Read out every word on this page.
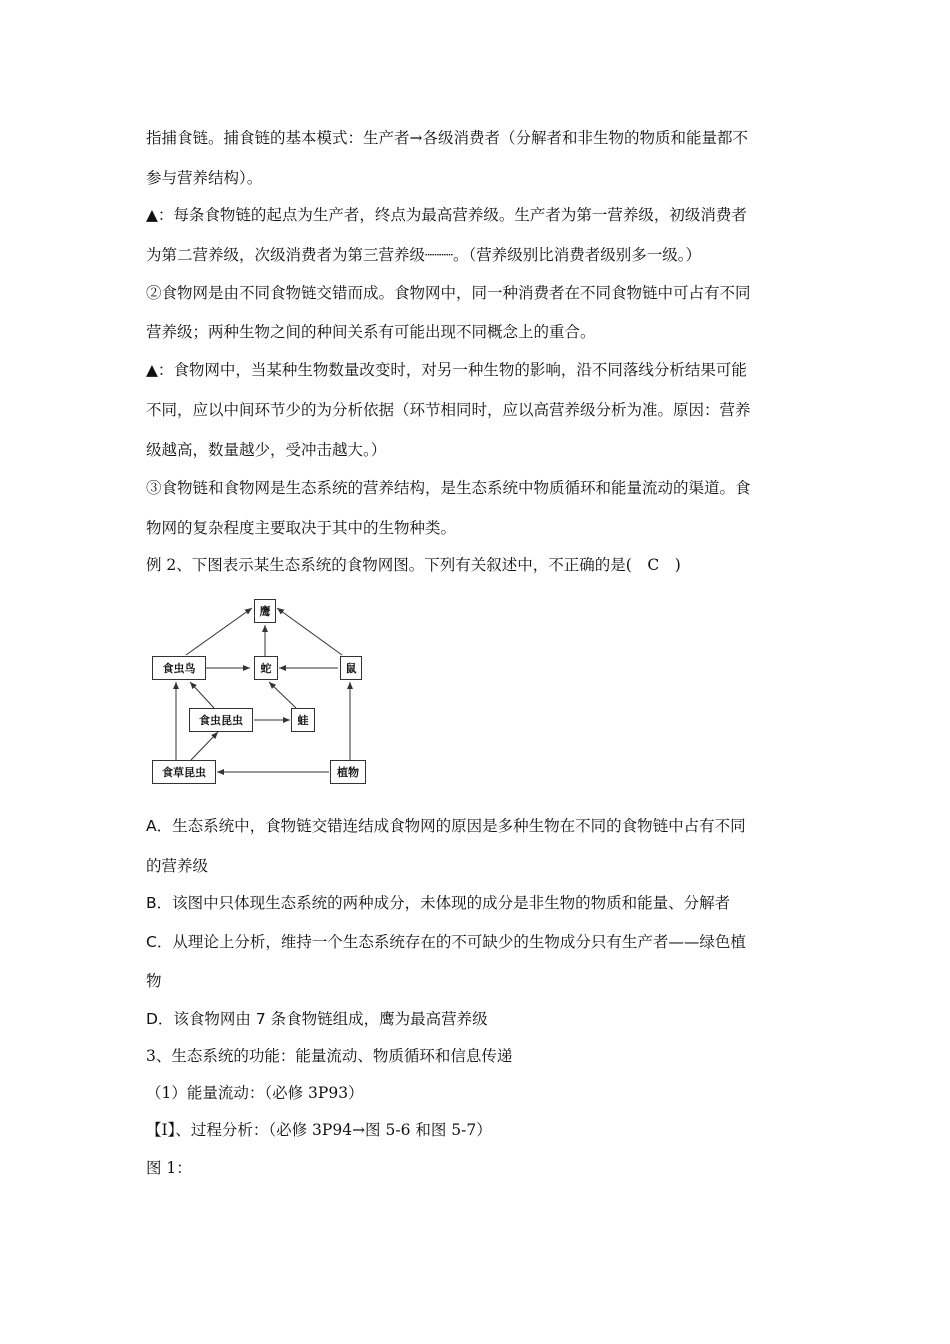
指捕食链。捕食链的基本模式：生产者→各级消费者（分解者和非生物的物质和能量都不
参与营养结构）。
▲：每条食物链的起点为生产者，终点为最高营养级。生产者为第一营养级，初级消费者
为第二营养级，次级消费者为第三营养级┈┈┈。（营养级别比消费者级别多一级。）
②食物网是由不同食物链交错而成。食物网中，同一种消费者在不同食物链中可占有不同
营养级；两种生物之间的种间关系有可能出现不同概念上的重合。
▲：食物网中，当某种生物数量改变时，对另一种生物的影响，沿不同落线分析结果可能
不同，应以中间环节少的为分析依据（环节相同时，应以高营养级分析为准。原因：营养
级越高，数量越少，受冲击越大。）
③食物链和食物网是生态系统的营养结构，是生态系统中物质循环和能量流动的渠道。食
物网的复杂程度主要取决于其中的生物种类。
例 2、下图表示某生态系统的食物网图。下列有关叙述中，不正确的是(　C　)
鹰
食虫鸟	蛇	鼠
食虫昆虫	蛙
食草昆虫	植物
A．生态系统中，食物链交错连结成食物网的原因是多种生物在不同的食物链中占有不同
的营养级
B．该图中只体现生态系统的两种成分，未体现的成分是非生物的物质和能量、分解者
C．从理论上分析，维持一个生态系统存在的不可缺少的生物成分只有生产者——绿色植
物
D．该食物网由 7 条食物链组成，鹰为最高营养级
3、生态系统的功能：能量流动、物质循环和信息传递
（1）能量流动：（必修 3P93）
【Ⅰ】、过程分析：（必修 3P94→图 5-6 和图 5-7）
图 1：
